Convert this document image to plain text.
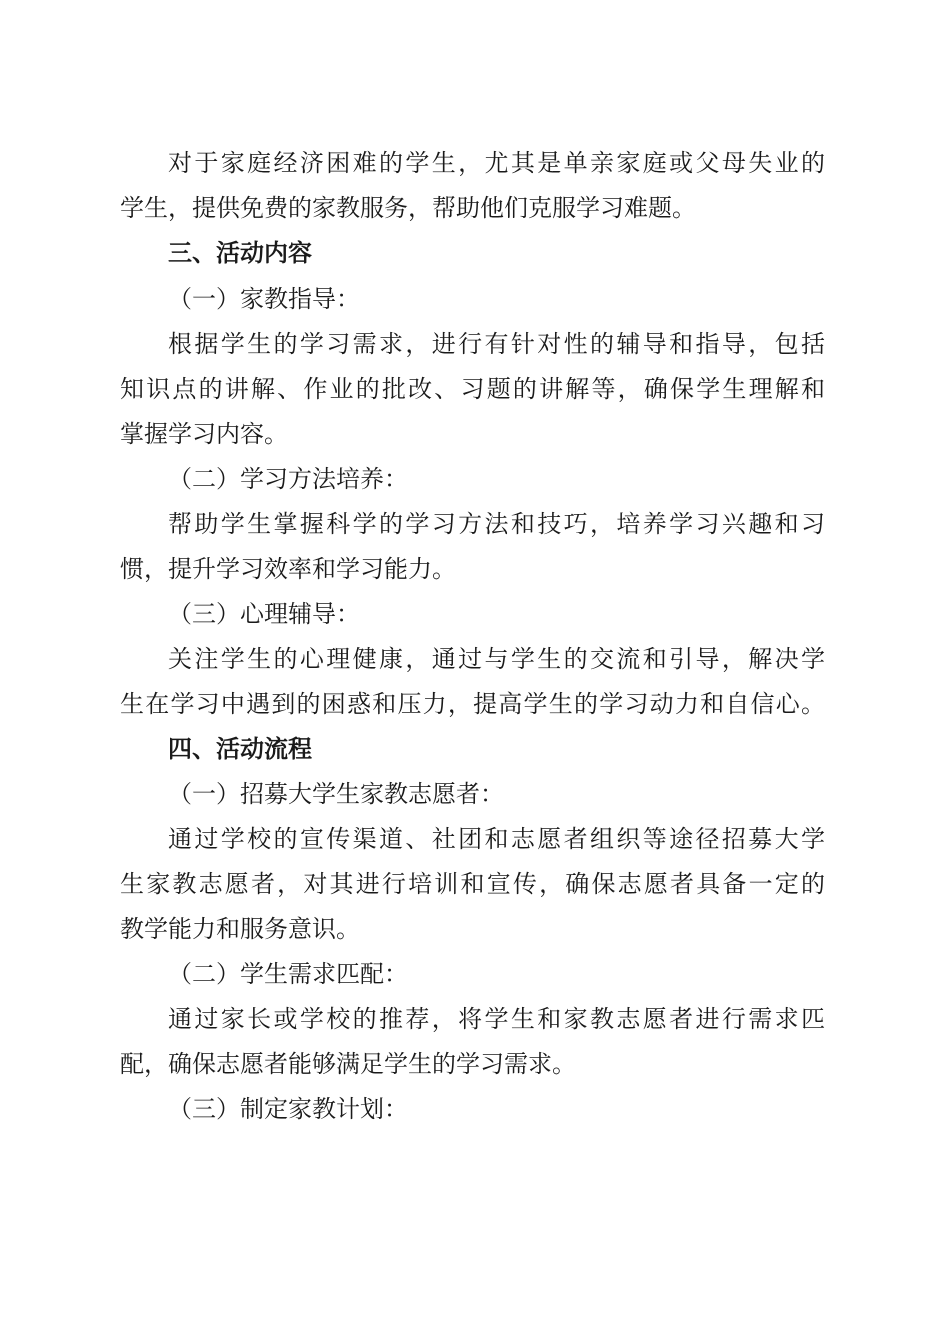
对于家庭经济困难的学生，尤其是单亲家庭或父母失业的
学生，提供免费的家教服务，帮助他们克服学习难题。
三、活动内容
（一）家教指导：
根据学生的学习需求，进行有针对性的辅导和指导，包括
知识点的讲解、作业的批改、习题的讲解等，确保学生理解和
掌握学习内容。
（二）学习方法培养：
帮助学生掌握科学的学习方法和技巧，培养学习兴趣和习
惯，提升学习效率和学习能力。
（三）心理辅导：
关注学生的心理健康，通过与学生的交流和引导，解决学
生在学习中遇到的困惑和压力，提高学生的学习动力和自信心。
四、活动流程
（一）招募大学生家教志愿者：
通过学校的宣传渠道、社团和志愿者组织等途径招募大学
生家教志愿者，对其进行培训和宣传，确保志愿者具备一定的
教学能力和服务意识。
（二）学生需求匹配：
通过家长或学校的推荐，将学生和家教志愿者进行需求匹
配，确保志愿者能够满足学生的学习需求。
（三）制定家教计划：
